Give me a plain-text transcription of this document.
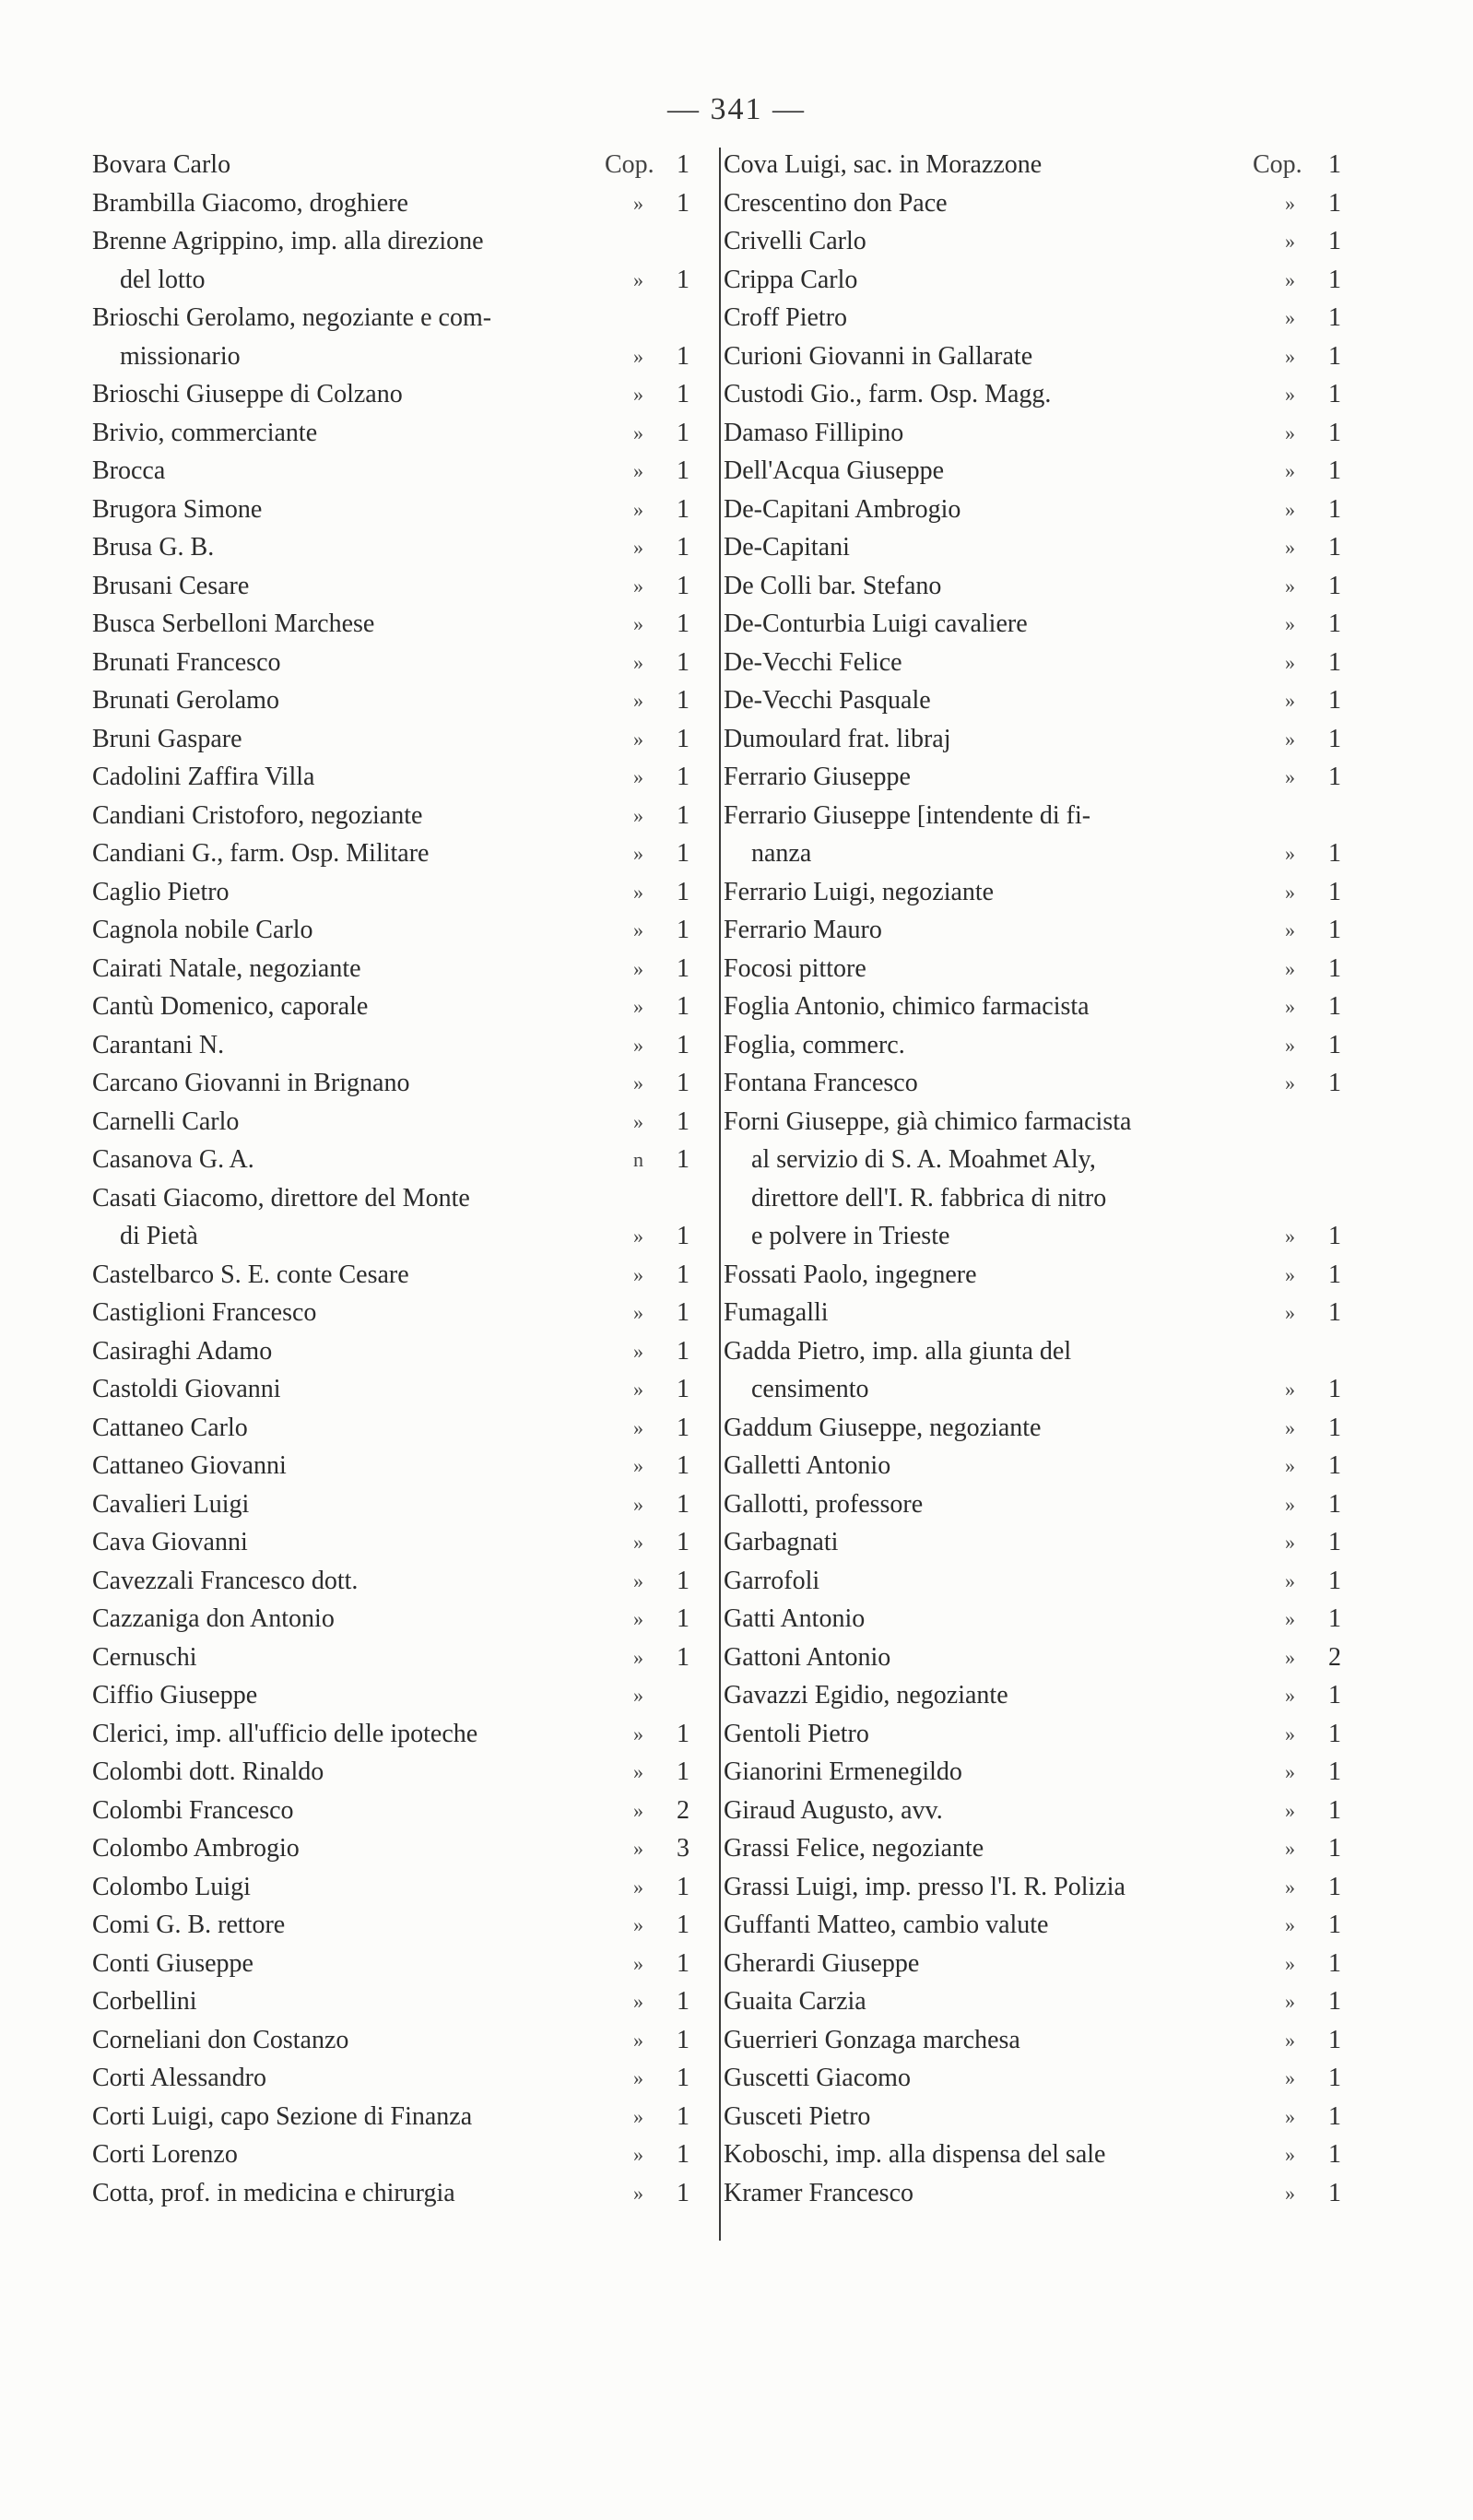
— 341 —
Bovara Carlo	Cop. 1
Brambilla Giacomo, droghiere	»	1
Brenne Agrippino, imp. alla direzione
del lotto	»	1
Brioschi Gerolamo, negoziante e com-
missionario	»	1
Brioschi Giuseppe di Colzano	»	1
Brivio, commerciante	»	1
Brocca	»	1
Brugora Simone	»	1
Brusa G. B.	»	1
Brusani Cesare	»	1
Busca Serbelloni Marchese	»	1
Brunati Francesco	»	1
Brunati Gerolamo	»	1
Bruni Gaspare	»	1
Cadolini Zaffira Villa	»	1
Candiani Cristoforo, negoziante	»	1
Candiani G., farm. Osp. Militare	»	1
Caglio Pietro	»	1
Cagnola nobile Carlo	»	1
Cairati Natale, negoziante	»	1
Cantù Domenico, caporale	»	1
Carantani N.	»	1
Carcano Giovanni in Brignano	»	1
Carnelli Carlo	»	1
Casanova G. A.	n	1
Casati Giacomo, direttore del Monte
di Pietà	»	1
Castelbarco S. E. conte Cesare	»	1
Castiglioni Francesco	»	1
Casiraghi Adamo	»	1
Castoldi Giovanni	»	1
Cattaneo Carlo	»	1
Cattaneo Giovanni	»	1
Cavalieri Luigi	»	1
Cava Giovanni	»	1
Cavezzali Francesco dott.	»	1
Cazzaniga don Antonio	»	1
Cernuschi	»	1
Ciffio Giuseppe	»
Clerici, imp. all'ufficio delle ipoteche	»	1
Colombi dott. Rinaldo	»	1
Colombi Francesco	»	2
Colombo Ambrogio	»	3
Colombo Luigi	»	1
Comi G. B. rettore	»	1
Conti Giuseppe	»	1
Corbellini	»	1
Corneliani don Costanzo	»	1
Corti Alessandro	»	1
Corti Luigi, capo Sezione di Finanza	»	1
Corti Lorenzo	»	1
Cotta, prof. in medicina e chirurgia	»	1
Cova Luigi, sac. in Morazzone	Cop.	1
Crescentino don Pace	»	1
Crivelli Carlo	»	1
Crippa Carlo	»	1
Croff Pietro	»	1
Curioni Giovanni in Gallarate	»	1
Custodi Gio., farm. Osp. Magg.	»	1
Damaso Fillipino	»	1
Dell'Acqua Giuseppe	»	1
De-Capitani Ambrogio	»	1
De-Capitani	»	1
De Colli bar. Stefano	»	1
De-Conturbia Luigi cavaliere	»	1
De-Vecchi Felice	»	1
De-Vecchi Pasquale	»	1
Dumoulard frat. libraj	»	1
Ferrario Giuseppe	»	1
Ferrario Giuseppe [intendente di fi-
nanza	»	1
Ferrario Luigi, negoziante	»	1
Ferrario Mauro	»	1
Focosi pittore	»	1
Foglia Antonio, chimico farmacista	»	1
Foglia, commerc.	»	1
Fontana Francesco	»	1
Forni Giuseppe, già chimico farmacista
al servizio di S. A. Moahmet Aly,
direttore dell'I. R. fabbrica di nitro
e polvere in Trieste	»	1
Fossati Paolo, ingegnere	»	1
Fumagalli	»	1
Gadda Pietro, imp. alla giunta del
censimento	»	1
Gaddum Giuseppe, negoziante	»	1
Galletti Antonio	»	1
Gallotti, professore	»	1
Garbagnati	»	1
Garrofoli	»	1
Gatti Antonio	»	1
Gattoni Antonio	»	2
Gavazzi Egidio, negoziante	»	1
Gentoli Pietro	»	1
Gianorini Ermenegildo	»	1
Giraud Augusto, avv.	»	1
Grassi Felice, negoziante	»	1
Grassi Luigi, imp. presso l'I. R. Polizia	»	1
Guffanti Matteo, cambio valute	»	1
Gherardi Giuseppe	»	1
Guaita Carzia	»	1
Guerrieri Gonzaga marchesa	»	1
Guscetti Giacomo	»	1
Gusceti Pietro	»	1
Koboschi, imp. alla dispensa del sale	»	1
Kramer Francesco	»	1
